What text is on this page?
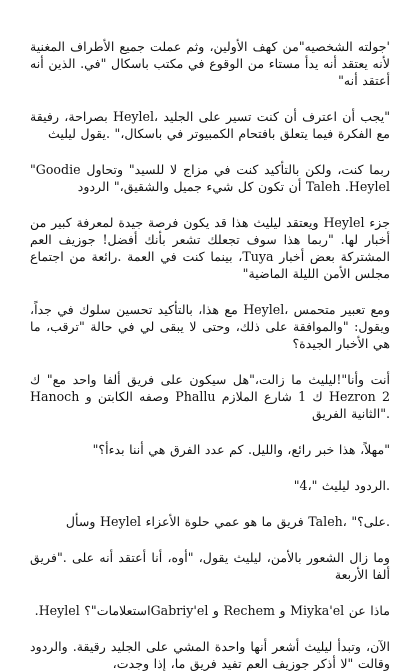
'جولته الشخصيه"من كهف الأولين، وثم عملت جميع الأطراف المغنية لأنه يعتقد أنه يدأ مستاء من الوقوع في مكتب باسكال "في. الذين أنه أعتقد أنه"

"يجب أن اعترف أن كنت تسير على الجليد ،Heylel بصراحة، رفيقة مع الفكرة فيما يتعلق بافتحام الكمبيوتر في باسكال،" .يقول ليليث

"Goodie ربما كنت، ولكن بالتأكيد كنت في مزاج لا للسيد" وتحاول أن تكون كل شيء جميل والشقيق،" الردود Taleh .Heylel

جزء Heylel ويعتقد ليليث هذا قد يكون فرصة جيدة لمعرفة كبير من أخبار لها. "ربما هذا سوف تجعلك تشعر بأنك أفضل! جوزيف العم المشتركة بعض أخبار Tuya، بينما كنت في العمة .رائعة من اجتماع مجلس الأمن الليلة الماضية"

ومع تعبير متحمس ،Heylel مع هذا، بالتأكيد تحسين سلوك في جداً، ويقول: "والموافقة على ذلك، وحتى لا يبقى لي في حالة "ترقب، ما هي الأخبار الجيدة؟

أنت وأنا"!ليليث ما زالت،"هل سيكون على فريق ألفا واحد مع" ك Hezron 2 ك 1 شارع الملازم Phallu وصفه الكابتن و Hanoch ."الثانية الفريق

"مهلاً، هذا خبر رائع، والليل. كم عدد الفرق هي أننا بدءأ؟"

.الردود ليليث "،4"

.على؟" ،Taleh فريق ما هو عمي حلوة الأعزاء Heylel وسأل

وما زال الشعور بالأمن، ليليث يقول، "أوه، أنا أعتقد أنه على ."فريق ألفا الأربعة

ماذا عن Miyka'el و Rechem و Gabriy'elاستعلامات"؟ Heylel.

الآن، وتبدأ ليليث أشعر أنها واحدة المشي على الجليد رقيقة. والردود وقالت "لا أذكر جوزيف العم تفيد فريق ما، إذا وجدت،
